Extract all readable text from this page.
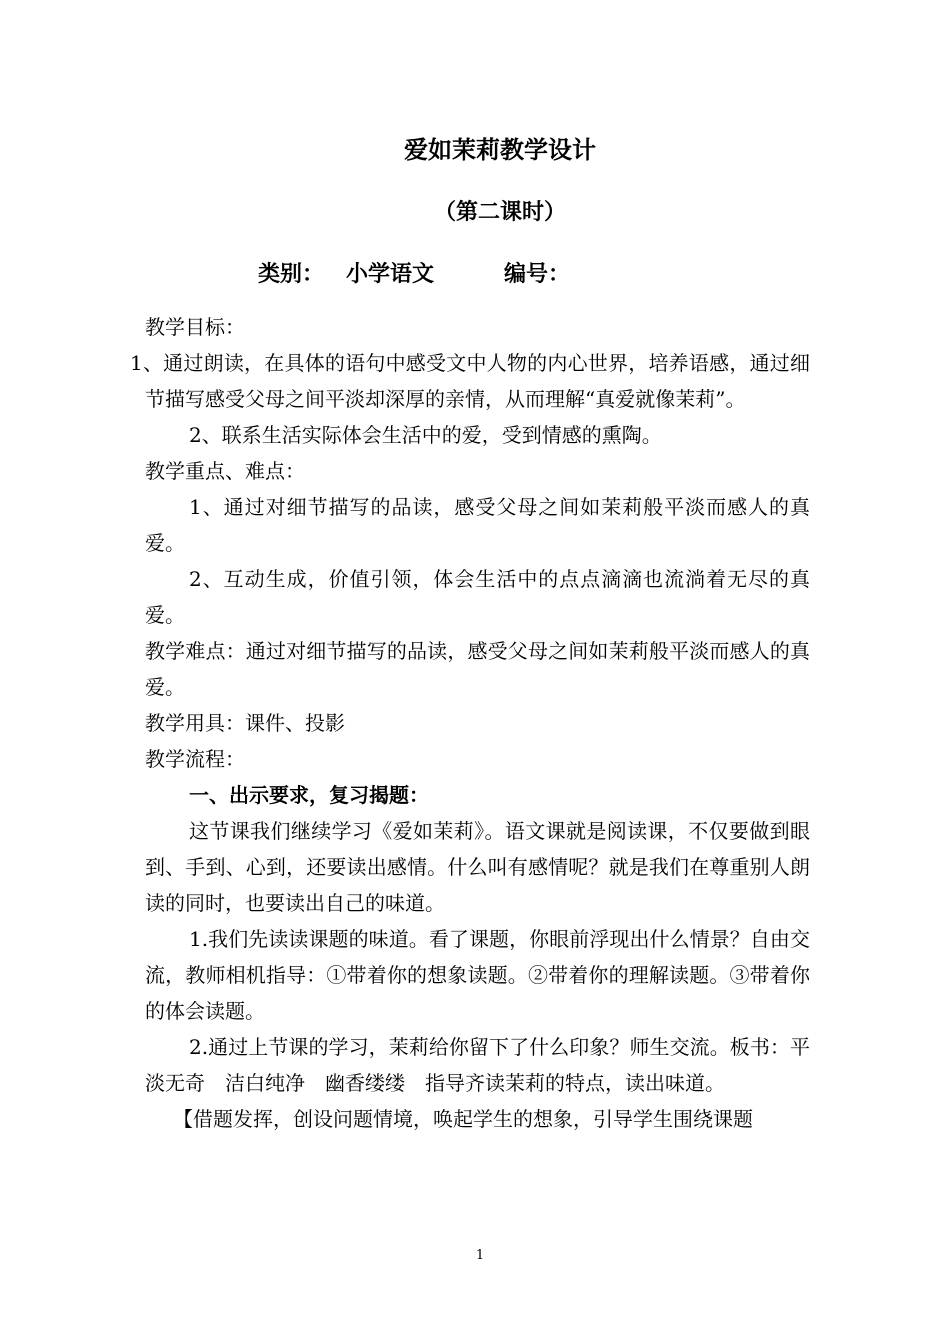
爱如茉莉教学设计
（第二课时）
类别： 小学语文	编号：

教学目标：

1、通过朗读，在具体的语句中感受文中人物的内心世界，培养语感，通过细节描写感受父母之间平淡却深厚的亲情，从而理解“真爱就像茉莉”。

2、联系生活实际体会生活中的爱，受到情感的熏陶。

教学重点、难点：

1、通过对细节描写的品读，感受父母之间如茉莉般平淡而感人的真爱。

2、互动生成，价值引领，体会生活中的点点滴滴也流淌着无尽的真爱。

教学难点：通过对细节描写的品读，感受父母之间如茉莉般平淡而感人的真爱。

教学用具：课件、投影

教学流程：

一、出示要求，复习揭题：

这节课我们继续学习《爱如茉莉》。语文课就是阅读课，不仅要做到眼到、手到、心到，还要读出感情。什么叫有感情呢？就是我们在尊重别人朗读的同时，也要读出自己的味道。

1.我们先读读课题的味道。看了课题，你眼前浮现出什么情景？自由交流，教师相机指导：①带着你的想象读题。②带着你的理解读题。③带着你的体会读题。

2.通过上节课的学习，茉莉给你留下了什么印象？师生交流。板书：平淡无奇　洁白纯净　幽香缕缕　指导齐读茉莉的特点，读出味道。

【借题发挥，创设问题情境，唤起学生的想象，引导学生围绕课题

1
